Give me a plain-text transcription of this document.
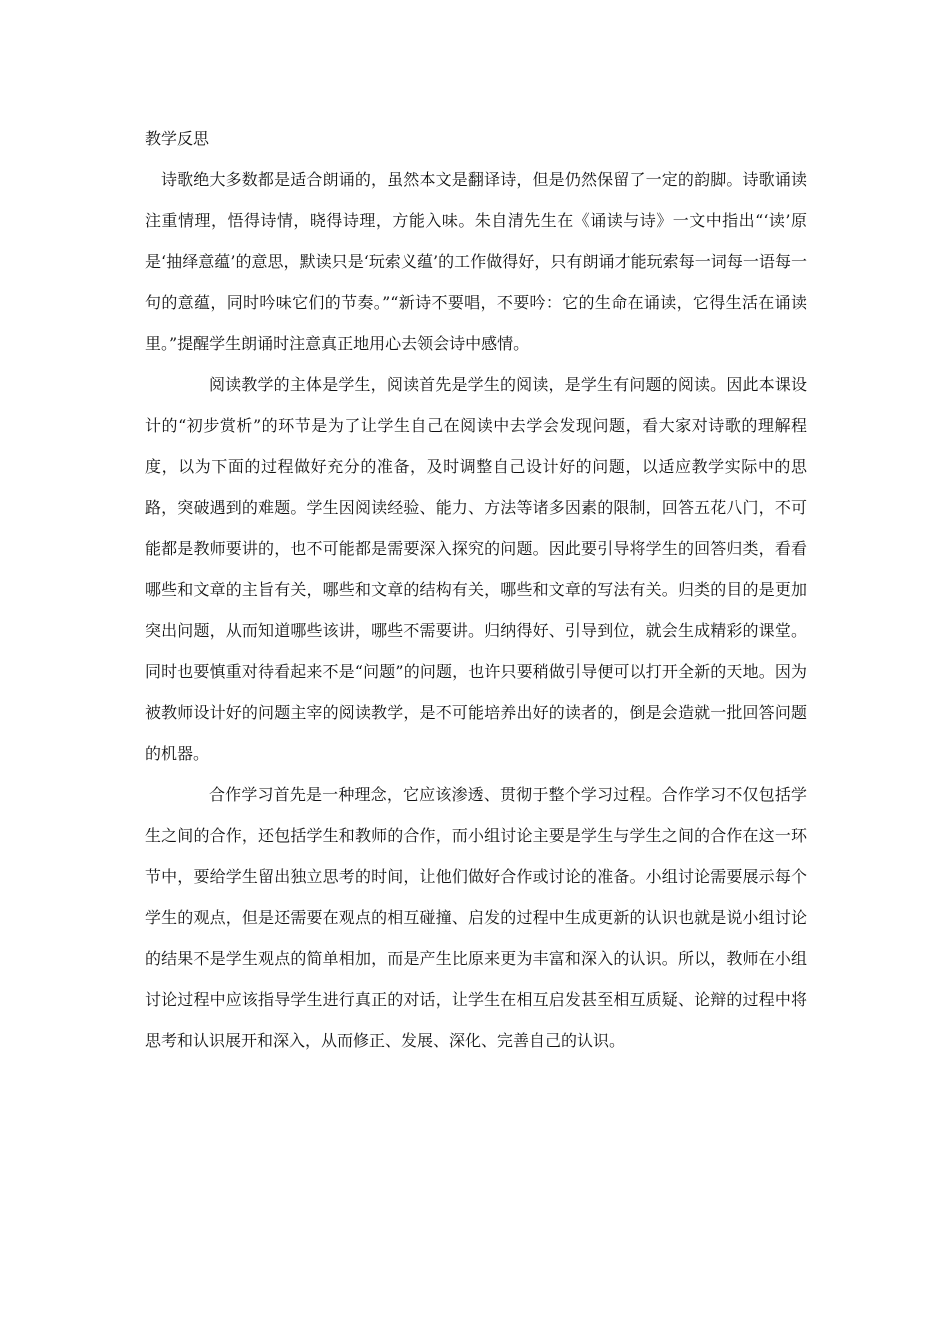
教学反思

诗歌绝大多数都是适合朗诵的，虽然本文是翻译诗，但是仍然保留了一定的韵脚。诗歌诵读注重情理，悟得诗情，晓得诗理，方能入味。朱自清先生在《诵读与诗》一文中指出“‘读’原是‘抽绎意蕴’的意思，默读只是‘玩索义蕴’的工作做得好，只有朗诵才能玩索每一词每一语每一句的意蕴，同时吟味它们的节奏。”“新诗不要唱，不要吟：它的生命在诵读，它得生活在诵读里。”提醒学生朗诵时注意真正地用心去领会诗中感情。

阅读教学的主体是学生，阅读首先是学生的阅读，是学生有问题的阅读。因此本课设计的“初步赏析”的环节是为了让学生自己在阅读中去学会发现问题，看大家对诗歌的理解程度，以为下面的过程做好充分的准备，及时调整自己设计好的问题，以适应教学实际中的思路，突破遇到的难题。学生因阅读经验、能力、方法等诸多因素的限制，回答五花八门，不可能都是教师要讲的，也不可能都是需要深入探究的问题。因此要引导将学生的回答归类，看看哪些和文章的主旨有关，哪些和文章的结构有关，哪些和文章的写法有关。归类的目的是更加突出问题，从而知道哪些该讲，哪些不需要讲。归纳得好、引导到位，就会生成精彩的课堂。同时也要慎重对待看起来不是“问题”的问题，也许只要稍做引导便可以打开全新的天地。因为被教师设计好的问题主宰的阅读教学，是不可能培养出好的读者的，倒是会造就一批回答问题的机器。

合作学习首先是一种理念，它应该渗透、贯彻于整个学习过程。合作学习不仅包括学生之间的合作，还包括学生和教师的合作，而小组讨论主要是学生与学生之间的合作在这一环节中，要给学生留出独立思考的时间，让他们做好合作或讨论的准备。小组讨论需要展示每个学生的观点，但是还需要在观点的相互碰撞、启发的过程中生成更新的认识也就是说小组讨论的结果不是学生观点的简单相加，而是产生比原来更为丰富和深入的认识。所以，教师在小组讨论过程中应该指导学生进行真正的对话，让学生在相互启发甚至相互质疑、论辩的过程中将思考和认识展开和深入，从而修正、发展、深化、完善自己的认识。
